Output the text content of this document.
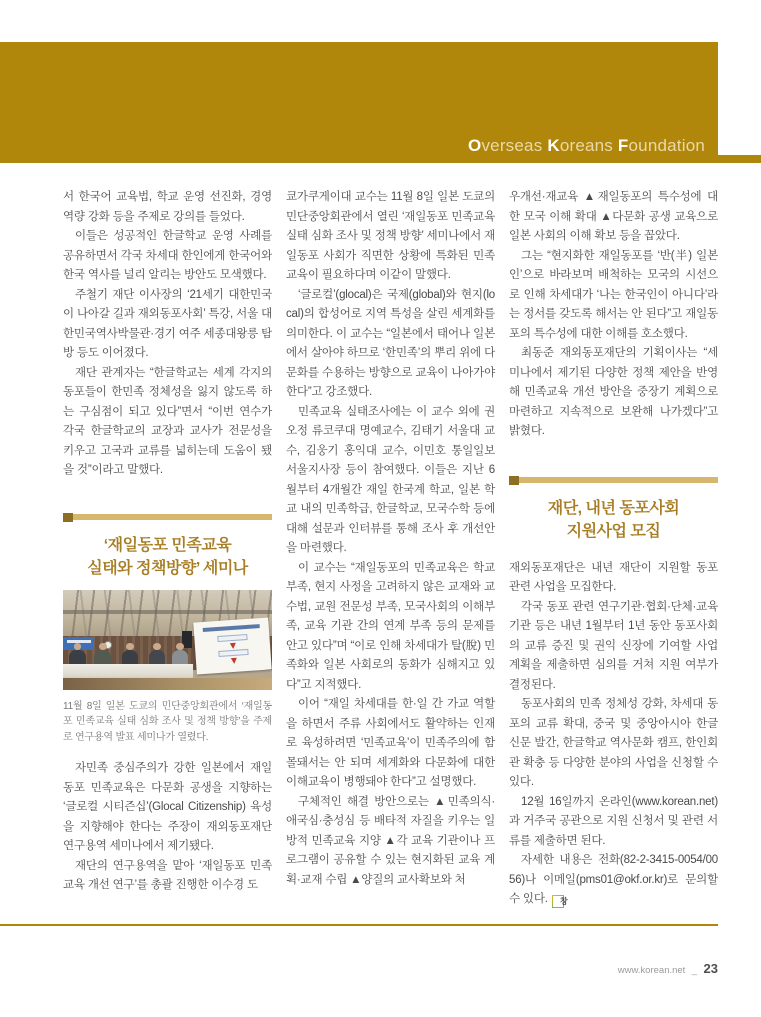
Overseas Koreans Foundation

서 한국어 교육법, 학교 운영 선진화, 경영 역량 강화 등을 주제로 강의를 들었다.

이들은 성공적인 한글학교 운영 사례를 공유하면서 각국 차세대 한인에게 한국어와 한국 역사를 널리 알리는 방안도 모색했다.

주철기 재단 이사장의 ‘21세기 대한민국이 나아갈 길과 재외동포사회’ 특강, 서울 대한민국역사박물관·경기 여주 세종대왕릉 탐방 등도 이어졌다.

재단 관계자는 “한글학교는 세계 각지의 동포들이 한민족 정체성을 잃지 않도록 하는 구심점이 되고 있다”면서 “이번 연수가 각국 한글학교의 교장과 교사가 전문성을 키우고 고국과 교류를 넓히는데 도움이 됐을 것”이라고 말했다.

‘재일동포 민족교육
실태와 정책방향’ 세미나

11월 8일 일본 도쿄의 민단중앙회관에서 ‘재일동포 민족교육 실태 심화 조사 및 정책 방향’을 주제로 연구용역 발표 세미나가 열렸다.

자민족 중심주의가 강한 일본에서 재일동포 민족교육은 다문화 공생을 지향하는 ‘글로컬 시티즌십’(Glocal Citizenship) 육성을 지향해야 한다는 주장이 재외동포재단 연구용역 세미나에서 제기됐다.

재단의 연구용역을 맡아 ‘재일동포 민족교육 개선 연구’를 총괄 진행한 이수경 도

쿄가쿠게이대 교수는 11월 8일 일본 도쿄의 민단중앙회관에서 열린 ‘재일동포 민족교육 실태 심화 조사 및 정책 방향’ 세미나에서 재일동포 사회가 직면한 상황에 특화된 민족교육이 필요하다며 이같이 말했다.

‘글로컬’(glocal)은 국제(global)와 현지(local)의 합성어로 지역 특성을 살린 세계화를 의미한다. 이 교수는 “일본에서 태어나 일본에서 살아야 하므로 ‘한민족’의 뿌리 위에 다문화를 수용하는 방향으로 교육이 나아가야 한다”고 강조했다.

민족교육 실태조사에는 이 교수 외에 권오정 류코쿠대 명예교수, 김태기 서울대 교수, 김웅기 홍익대 교수, 이민호 통일일보 서울지사장 등이 참여했다. 이들은 지난 6월부터 4개월간 재일 한국계 학교, 일본 학교 내의 민족학급, 한글학교, 모국수학 등에 대해 설문과 인터뷰를 통해 조사 후 개선안을 마련했다.

이 교수는 “재일동포의 민족교육은 학교 부족, 현지 사정을 고려하지 않은 교재와 교수법, 교원 전문성 부족, 모국사회의 이해부족, 교육 기관 간의 연계 부족 등의 문제를 안고 있다”며 “이로 인해 차세대가 탈(脫) 민족화와 일본 사회로의 동화가 심해지고 있다”고 지적했다.

이어 “재일 차세대를 한·일 간 가교 역할을 하면서 주류 사회에서도 활약하는 인재로 육성하려면 ‘민족교육’이 민족주의에 함몰돼서는 안 되며 세계화와 다문화에 대한 이해교육이 병행돼야 한다”고 설명했다.

구체적인 해결 방안으로는 ▲민족의식·애국심·충성심 등 배타적 자질을 키우는 일방적 민족교육 지양 ▲각 교육 기관이나 프로그램이 공유할 수 있는 현지화된 교육 계획·교재 수립 ▲양질의 교사확보와 처

우개선·재교육 ▲재일동포의 특수성에 대한 모국 이해 확대 ▲다문화 공생 교육으로 일본 사회의 이해 확보 등을 꼽았다.

그는 “현지화한 재일동포를 ‘반(半) 일본인’으로 바라보며 배척하는 모국의 시선으로 인해 차세대가 ‘나는 한국인이 아니다’라는 정서를 갖도록 해서는 안 된다”고 재일동포의 특수성에 대한 이해를 호소했다.

최동준 재외동포재단의 기획이사는 “세미나에서 제기된 다양한 정책 제안을 반영해 민족교육 개선 방안을 중장기 계획으로 마련하고 지속적으로 보완해 나가겠다”고 밝혔다.

재단, 내년 동포사회
지원사업 모집

재외동포재단은 내년 재단이 지원할 동포 관련 사업을 모집한다.

각국 동포 관련 연구기관·협회·단체·교육기관 등은 내년 1월부터 1년 동안 동포사회의 교류 증진 및 권익 신장에 기여할 사업 계획을 제출하면 심의를 거쳐 지원 여부가 결정된다.

동포사회의 민족 정체성 강화, 차세대 동포의 교류 확대, 중국 및 중앙아시아 한글 신문 발간, 한글학교 역사문화 캠프, 한인회관 확충 등 다양한 분야의 사업을 신청할 수 있다.

12월 16일까지 온라인(www.korean.net)과 거주국 공관으로 지원 신청서 및 관련 서류를 제출하면 된다.

자세한 내용은 전화(82-2-3415-0054/0056)나 이메일(pms01@okf.or.kr)로 문의할 수 있다.	창

www.korean.net _ 23
